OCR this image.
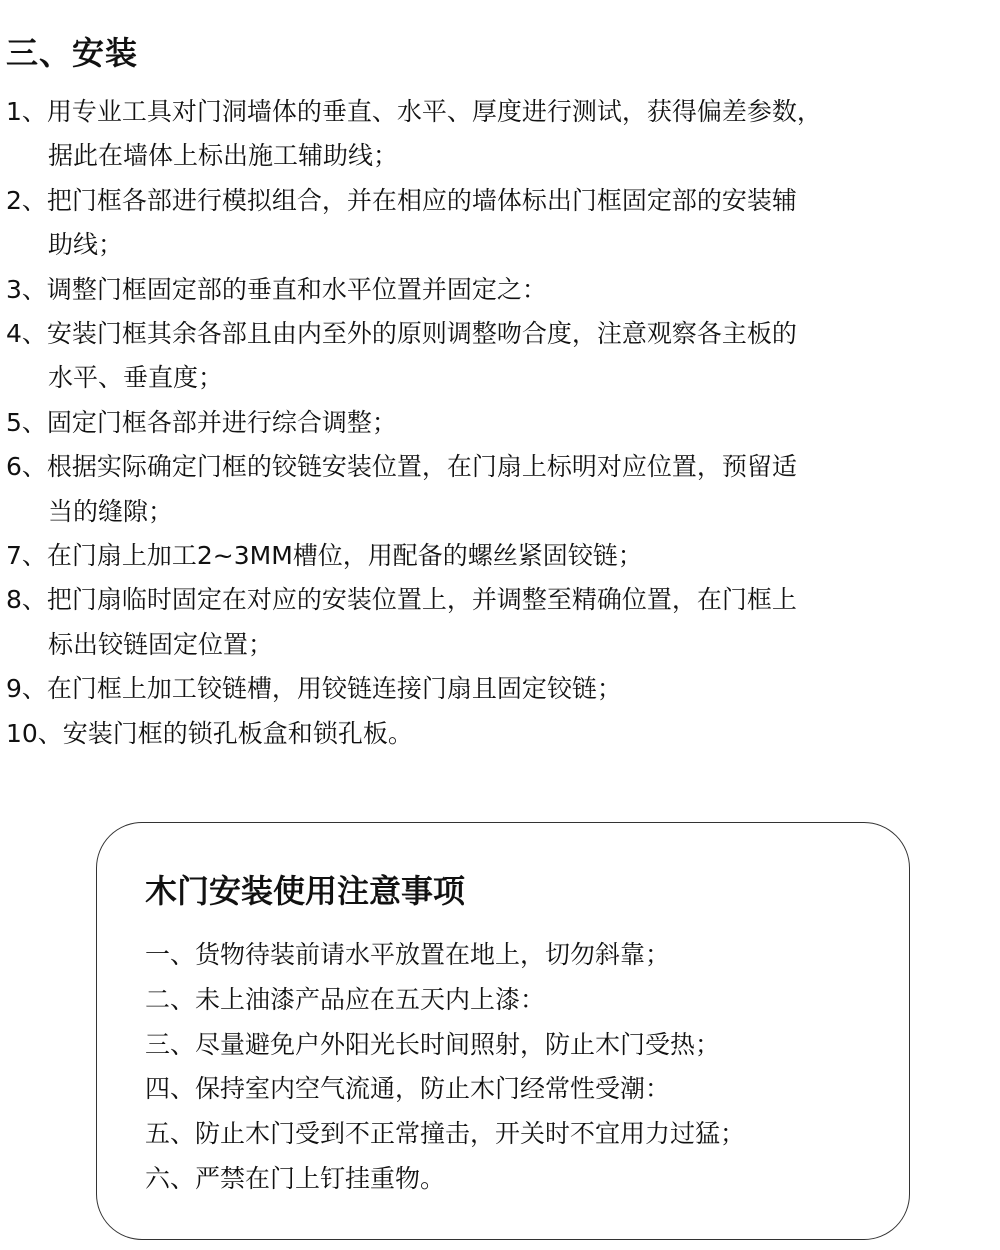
三、安装
1、用专业工具对门洞墙体的垂直、水平、厚度进行测试，获得偏差参数，
据此在墙体上标出施工辅助线；
2、把门框各部进行模拟组合，并在相应的墙体标出门框固定部的安装辅
助线；
3、调整门框固定部的垂直和水平位置并固定之：
4、安装门框其余各部且由内至外的原则调整吻合度，注意观察各主板的
水平、垂直度；
5、固定门框各部并进行综合调整；
6、根据实际确定门框的铰链安装位置，在门扇上标明对应位置，预留适
当的缝隙；
7、在门扇上加工2~3MM槽位，用配备的螺丝紧固铰链；
8、把门扇临时固定在对应的安装位置上，并调整至精确位置，在门框上
标出铰链固定位置；
9、在门框上加工铰链槽，用铰链连接门扇且固定铰链；
10、安装门框的锁孔板盒和锁孔板。
木门安装使用注意事项
一、货物待装前请水平放置在地上，切勿斜靠；
二、未上油漆产品应在五天内上漆：
三、尽量避免户外阳光长时间照射，防止木门受热；
四、保持室内空气流通，防止木门经常性受潮：
五、防止木门受到不正常撞击，开关时不宜用力过猛；
六、严禁在门上钉挂重物。
